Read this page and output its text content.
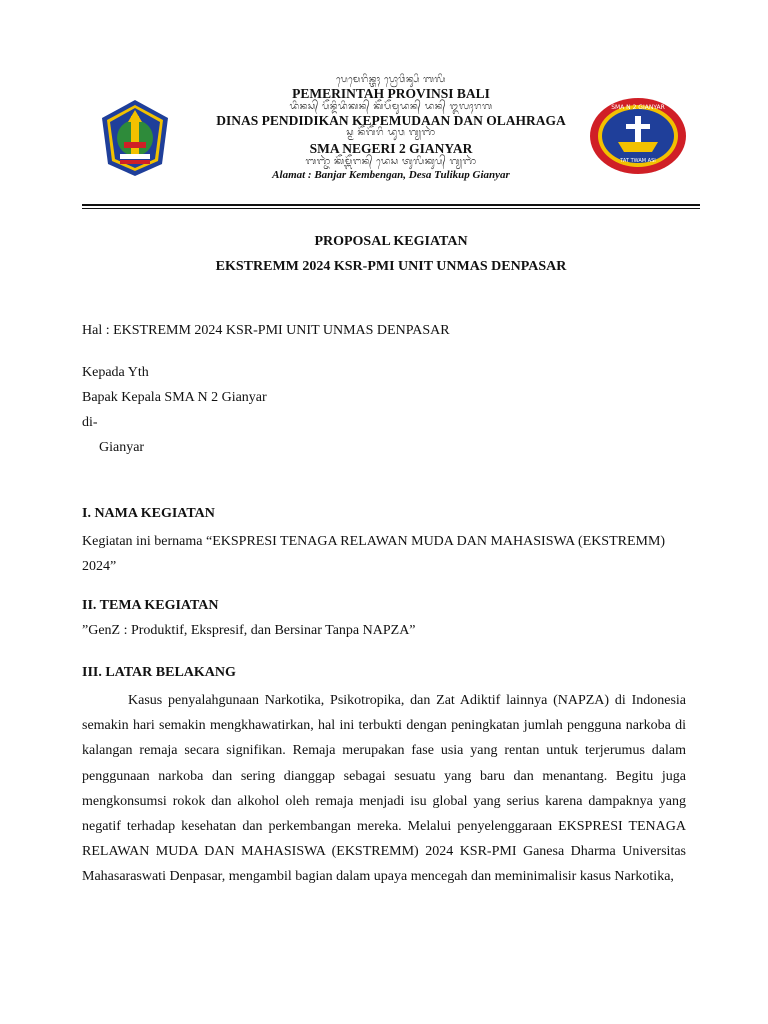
ᬧᬾᬫᬾᬭᬶᬦ᭄ᬢᬄ ᬧ᭄ᬭᭀᬯᬶᬦ᭄ᬲᬶ ᬩᬮᬶ
PEMERINTAH PROVINSI BALI
ᬤᬶᬦᬲ᭄ ᬧᭂᬦ᭄ᬤᬶᬤᬶᬓᬦ᭄ ᬓᭂᬧᭂᬫᬸᬤᬦ᭄ ᬤᬦ᭄ ᬑᬮᬄᬭᬕ
DINAS PENDIDIKAN KEPEMUDAAN DAN OLAHRAGA
ᬲ᭄ᬫ ᬦᭂᬕᭂᬭᬶ ᬤᬸᬯ ᬕ᭄ᬬᬜᬃ
SMA NEGERI 2 GIANYAR
ᬩᬜ᭄ᬚᬃ ᬓᭂᬫ᭄ᬩᭂᬗᬦ᭄ ᬤᬾᬲ ᬢᬸᬮᬶᬓᬸᬧ᭄ ᬕ᭄ᬬᬜᬃ
Alamat : Banjar Kembengan, Desa Tulikup Gianyar
SMA N 2 GIANYAR
TAT TWAM ASI
PROPOSAL KEGIATAN
EKSTREMM 2024 KSR-PMI UNIT UNMAS DENPASAR
Hal : EKSTREMM 2024 KSR-PMI UNIT UNMAS DENPASAR
Kepada Yth
Bapak Kepala SMA N 2 Gianyar
di-
Gianyar
I. NAMA KEGIATAN
Kegiatan ini bernama “EKSPRESI TENAGA RELAWAN MUDA DAN MAHASISWA (EKSTREMM) 2024”
II. TEMA KEGIATAN
”GenZ : Produktif, Ekspresif, dan Bersinar Tanpa NAPZA”
III. LATAR BELAKANG
Kasus penyalahgunaan Narkotika, Psikotropika, dan Zat Adiktif lainnya (NAPZA) di Indonesia semakin hari semakin mengkhawatirkan, hal ini terbukti dengan peningkatan jumlah pengguna narkoba di kalangan remaja secara signifikan. Remaja merupakan fase usia yang rentan untuk terjerumus dalam penggunaan narkoba dan sering dianggap sebagai sesuatu yang baru dan menantang. Begitu juga mengkonsumsi rokok dan alkohol oleh remaja menjadi isu global yang serius karena dampaknya yang negatif terhadap kesehatan dan perkembangan mereka. Melalui penyelenggaraan EKSPRESI TENAGA RELAWAN MUDA DAN MAHASISWA (EKSTREMM) 2024 KSR-PMI Ganesa Dharma Universitas Mahasaraswati Denpasar, mengambil bagian dalam upaya mencegah dan meminimalisir kasus Narkotika,
